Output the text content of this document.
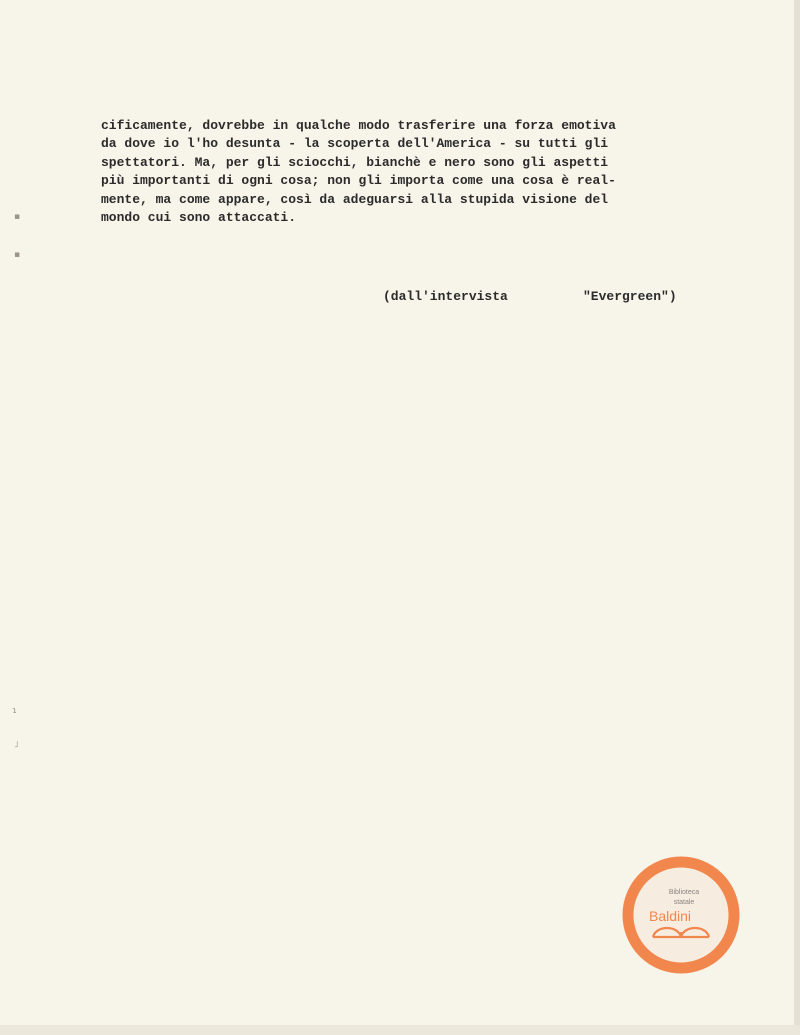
▪
▪
ɿ
˩
cificamente, dovrebbe in qualche modo trasferire una forza emotiva
da dove io l'ho desunta - la scoperta dell'America - su tutti gli
spettatori. Ma, per gli sciocchi, bianchè e nero sono gli aspetti
più importanti di ogni cosa; non gli importa come una cosa è real-
mente, ma come appare, così da adeguarsi alla stupida visione del
mondo cui sono attaccati.
(dall'intervista	"Evergreen")
Biblioteca
statale
Baldini
